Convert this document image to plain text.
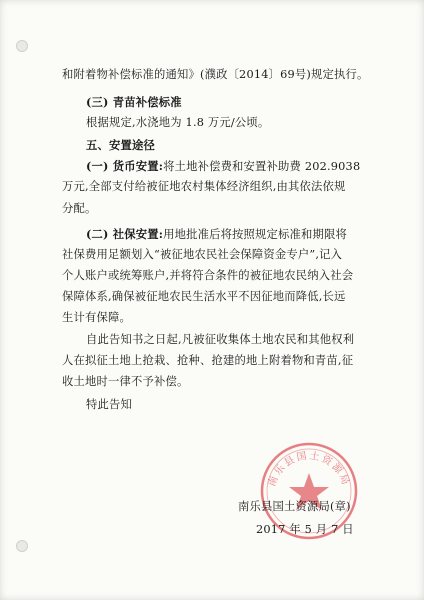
和附着物补偿标准的通知》(濮政〔2014〕69号)规定执行。
(三) 青苗补偿标准
根据规定,水浇地为 1.8 万元/公顷。
五、安置途径
(一) 货币安置:将土地补偿费和安置补助费 202.9038
万元,全部支付给被征地农村集体经济组织,由其依法依规
分配。
(二) 社保安置:用地批准后将按照规定标准和期限将
社保费用足额划入“被征地农民社会保障资金专户”,记入
个人账户或统筹账户,并将符合条件的被征地农民纳入社会
保障体系,确保被征地农民生活水平不因征地而降低,长远
生计有保障。
自此告知书之日起,凡被征收集体土地农民和其他权利
人在拟征土地上抢栽、抢种、抢建的地上附着物和青苗,征
收土地时一律不予补偿。
特此告知
南乐县国土资源局
南乐县国土资源局(章)
2017 年 5 月 7 日
